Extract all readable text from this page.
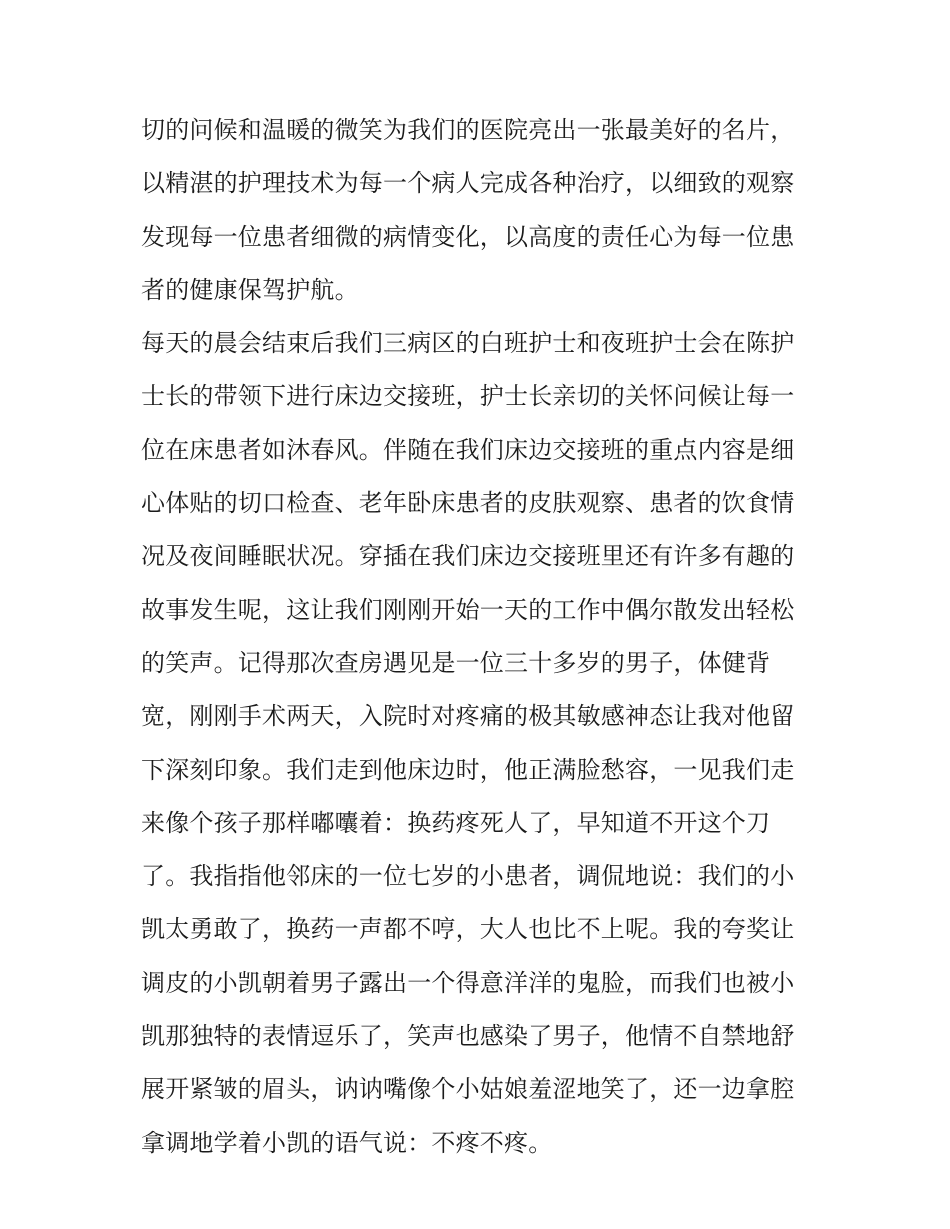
切的问候和温暖的微笑为我们的医院亮出一张最美好的名片，
以精湛的护理技术为每一个病人完成各种治疗，以细致的观察
发现每一位患者细微的病情变化，以高度的责任心为每一位患
者的健康保驾护航。
每天的晨会结束后我们三病区的白班护士和夜班护士会在陈护
士长的带领下进行床边交接班，护士长亲切的关怀问候让每一
位在床患者如沐春风。伴随在我们床边交接班的重点内容是细
心体贴的切口检查、老年卧床患者的皮肤观察、患者的饮食情
况及夜间睡眠状况。穿插在我们床边交接班里还有许多有趣的
故事发生呢，这让我们刚刚开始一天的工作中偶尔散发出轻松
的笑声。记得那次查房遇见是一位三十多岁的男子，体健背
宽，刚刚手术两天，入院时对疼痛的极其敏感神态让我对他留
下深刻印象。我们走到他床边时，他正满脸愁容，一见我们走
来像个孩子那样嘟囔着：换药疼死人了，早知道不开这个刀
了。我指指他邻床的一位七岁的小患者，调侃地说：我们的小
凯太勇敢了，换药一声都不哼，大人也比不上呢。我的夸奖让
调皮的小凯朝着男子露出一个得意洋洋的鬼脸，而我们也被小
凯那独特的表情逗乐了，笑声也感染了男子，他情不自禁地舒
展开紧皱的眉头，讷讷嘴像个小姑娘羞涩地笑了，还一边拿腔
拿调地学着小凯的语气说：不疼不疼。
